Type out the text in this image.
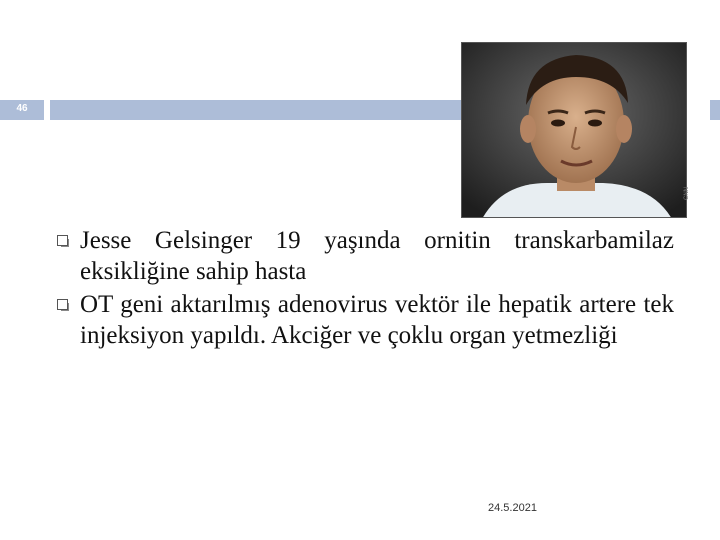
46
CNN
Jesse Gelsinger 19 yaşında ornitin transkarbamilaz eksikliğine sahip hasta
OT geni aktarılmış adenovirus vektör ile hepatik artere tek injeksiyon yapıldı. Akciğer ve çoklu organ yetmezliği
24.5.2021
